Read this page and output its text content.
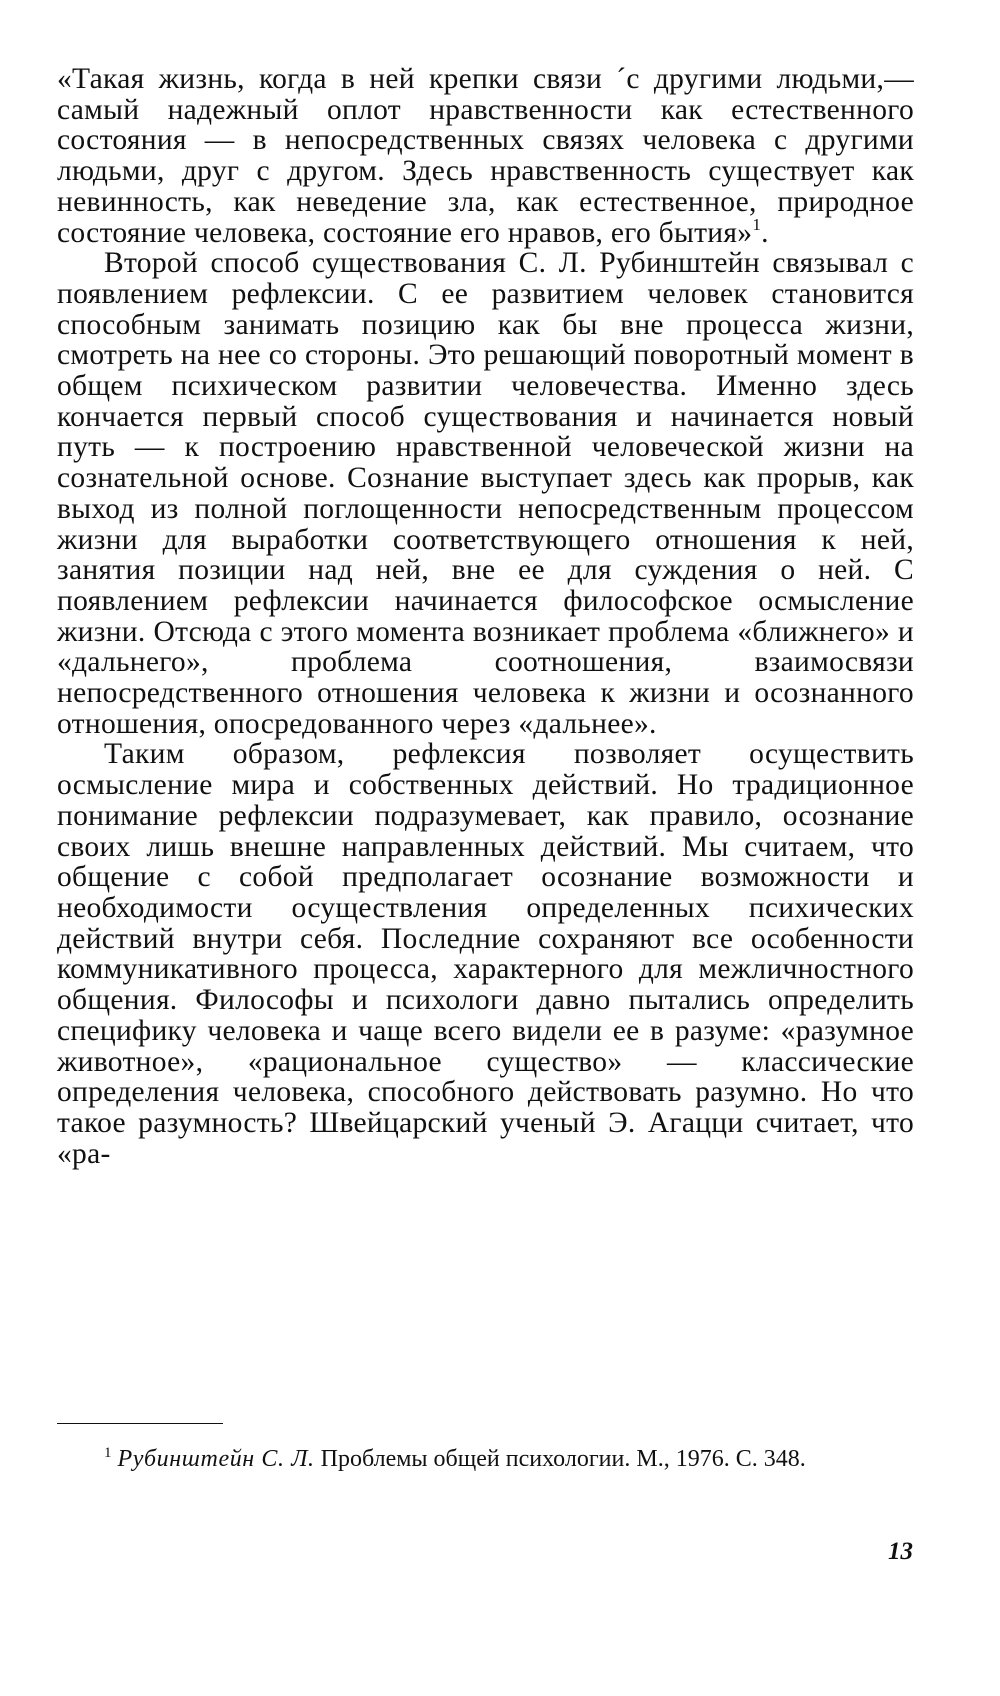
«Такая жизнь, когда в ней крепки связи ´с другими людьми,— самый надежный оплот нравственности как естественного состояния — в непосредственных связях человека с другими людьми, друг с другом. Здесь нравственность существует как невинность, как неведение зла, как естественное, природное состояние человека, состояние его нравов, его бытия»$^1$.

Второй способ существования С. Л. Рубинштейн связывал с появлением рефлексии. С ее развитием человек становится способным занимать позицию как бы вне процесса жизни, смотреть на нее со стороны. Это решающий поворотный момент в общем психическом развитии человечества. Именно здесь кончается первый способ существования и начинается новый путь — к построению нравственной человеческой жизни на сознательной основе. Сознание выступает здесь как прорыв, как выход из полной поглощенности непосредственным процессом жизни для выработки соответствующего отношения к ней, занятия позиции над ней, вне ее для суждения о ней. С появлением рефлексии начинается философское осмысление жизни. Отсюда с этого момента возникает проблема «ближнего» и «дальнего», проблема соотношения, взаимосвязи непосредственного отношения человека к жизни и осознанного отношения, опосредованного через «дальнее».

Таким образом, рефлексия позволяет осуществить осмысление мира и собственных действий. Но традиционное понимание рефлексии подразумевает, как правило, осознание своих лишь внешне направленных действий. Мы считаем, что общение с собой предполагает осознание возможности и необходимости осуществления определенных психических действий внутри себя. Последние сохраняют все особенности коммуникативного процесса, характерного для межличностного общения. Философы и психологи давно пытались определить специфику человека и чаще всего видели ее в разуме: «разумное животное», «рациональное существо» — классические определения человека, способного действовать разумно. Но что такое разумность? Швейцарский ученый Э. Агацци считает, что «ра-

$^1$ Рубинштейн С. Л. Проблемы общей психологии. М., 1976. С. 348.
13
